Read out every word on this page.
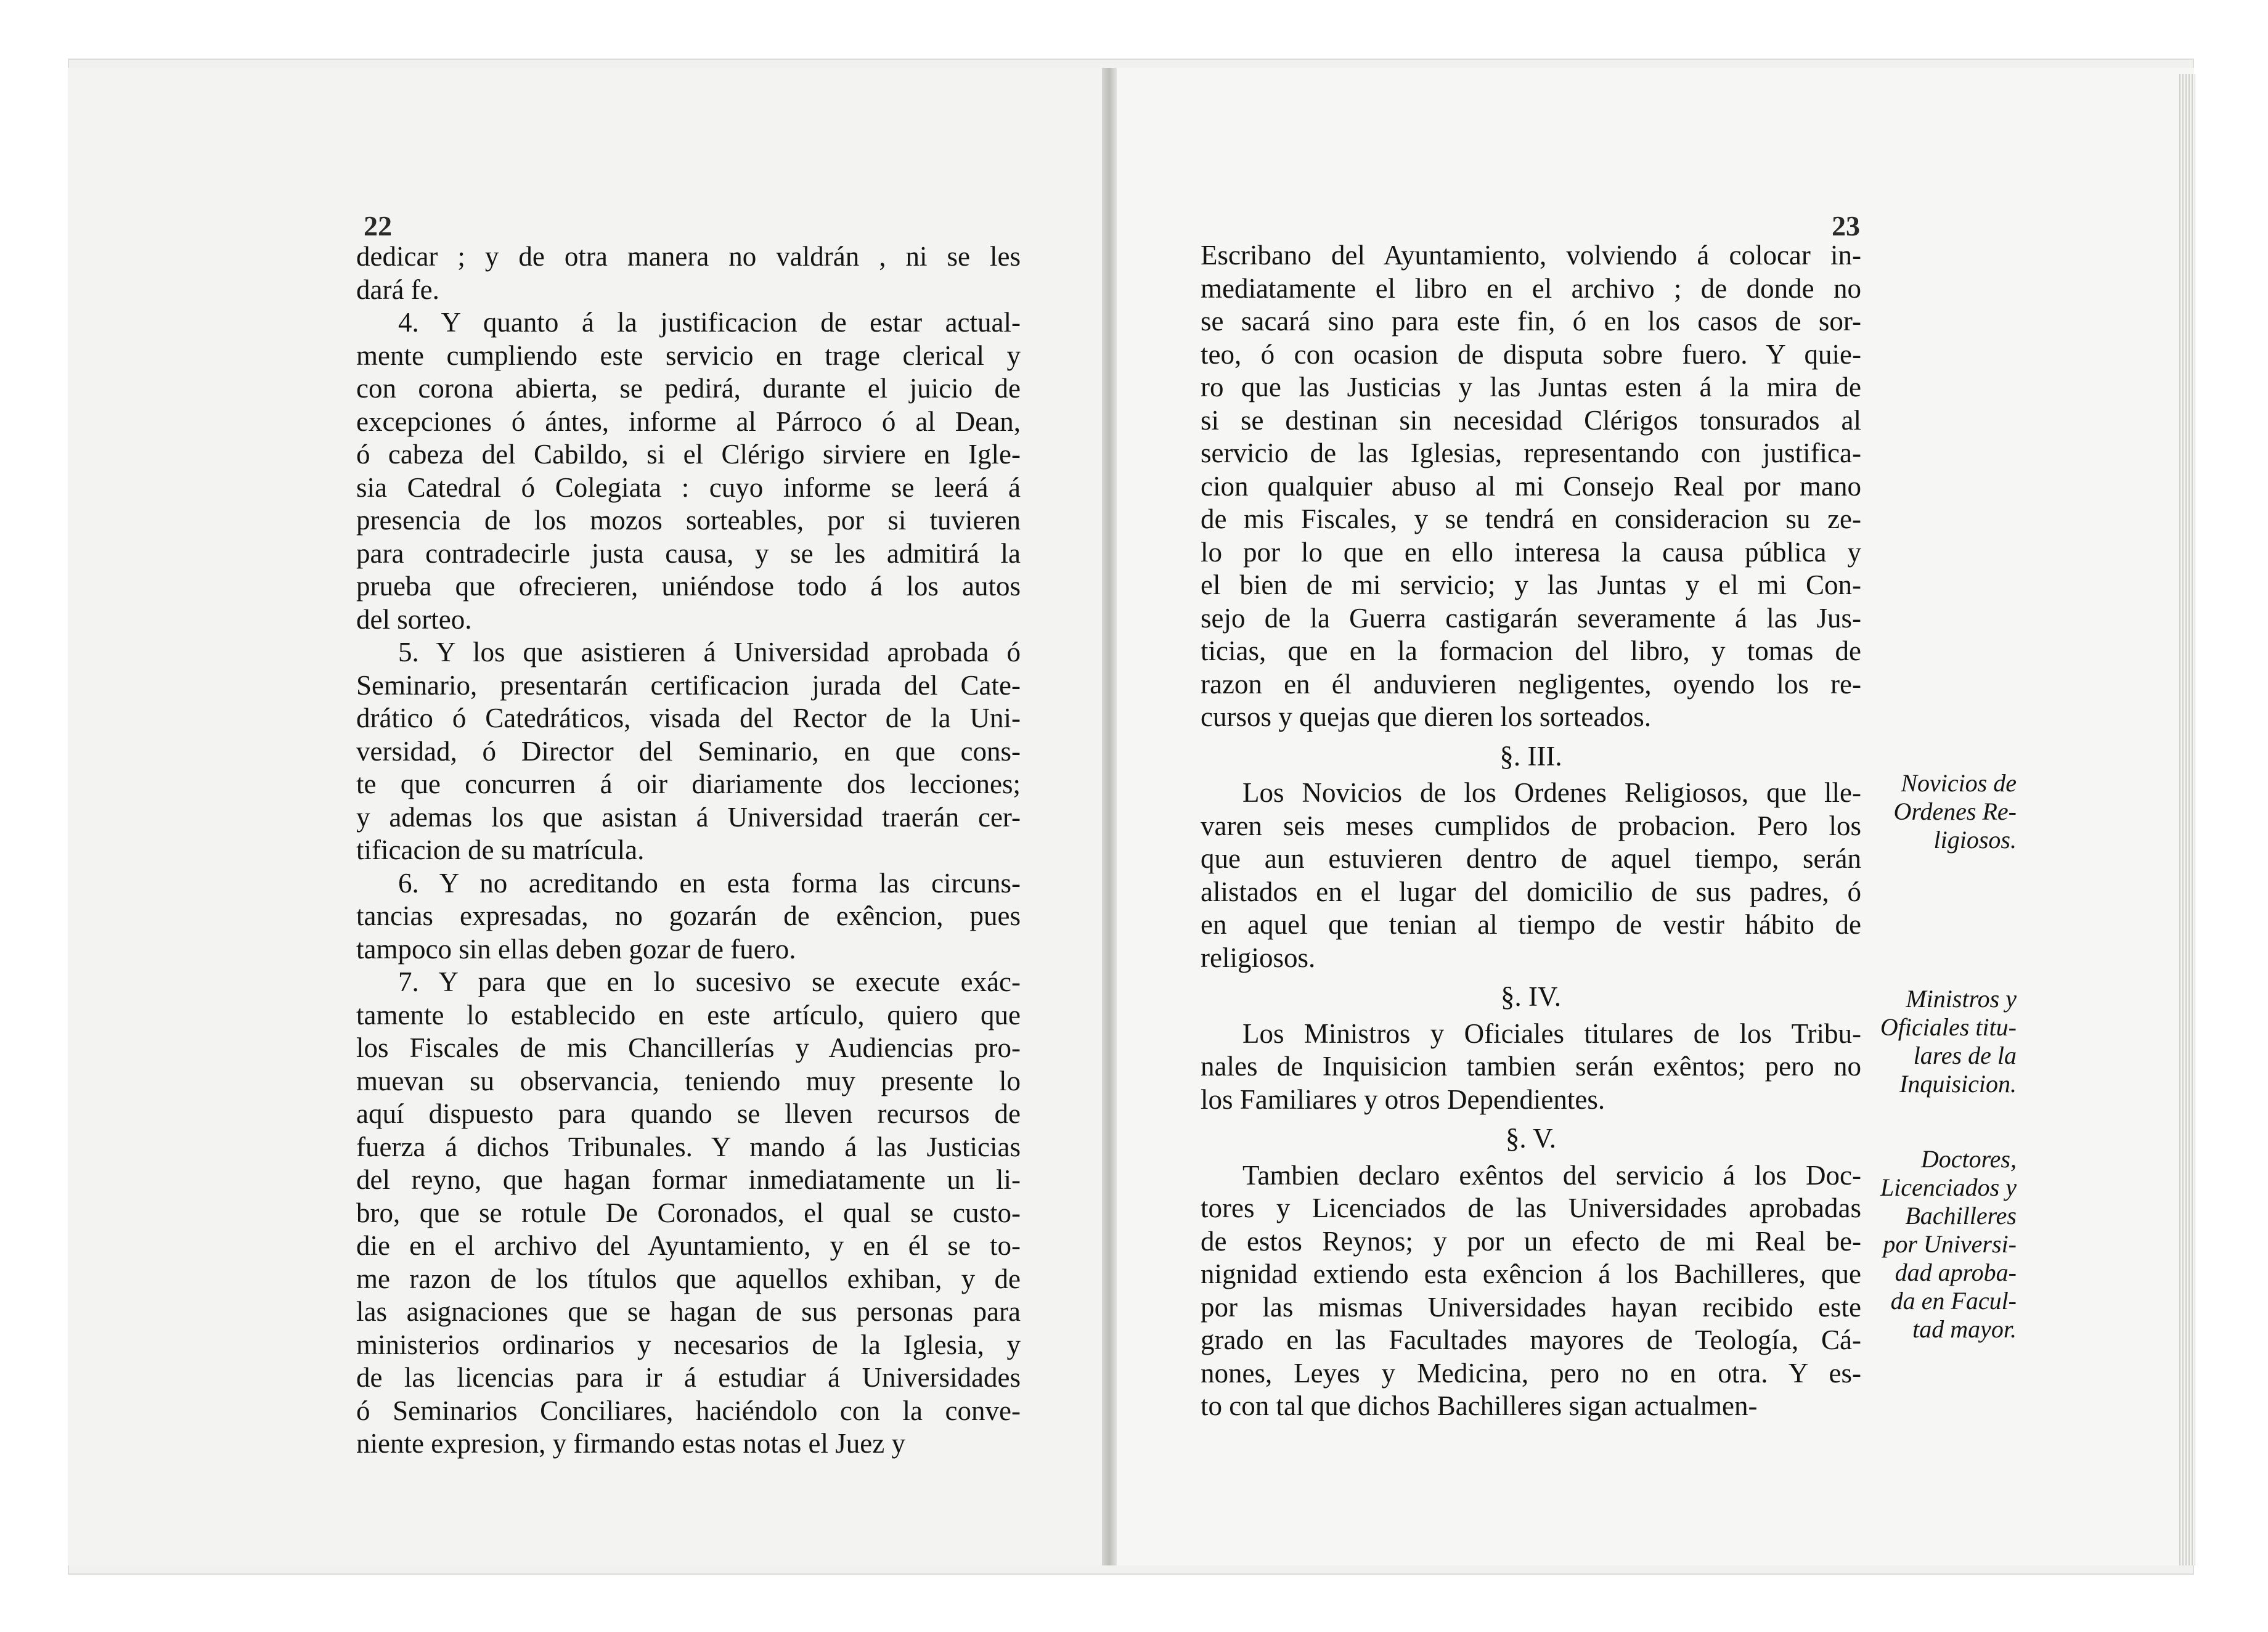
22	23

dedicar ; y de otra manera no valdrán , ni se les

dará fe.

4. Y quanto á la justificacion de estar actual-

mente cumpliendo este servicio en trage clerical y

con corona abierta, se pedirá, durante el juicio de

excepciones ó ántes, informe al Párroco ó al Dean,

ó cabeza del Cabildo, si el Clérigo sirviere en Igle-

sia Catedral ó Colegiata : cuyo informe se leerá á

presencia de los mozos sorteables, por si tuvieren

para contradecirle justa causa, y se les admitirá la

prueba que ofrecieren, uniéndose todo á los autos

del sorteo.

5. Y los que asistieren á Universidad aprobada ó

Seminario, presentarán certificacion jurada del Cate-

drático ó Catedráticos, visada del Rector de la Uni-

versidad, ó Director del Seminario, en que cons-

te que concurren á oir diariamente dos lecciones;

y ademas los que asistan á Universidad traerán cer-

tificacion de su matrícula.

6. Y no acreditando en esta forma las circuns-

tancias expresadas, no gozarán de exêncion, pues

tampoco sin ellas deben gozar de fuero.

7. Y para que en lo sucesivo se execute exác-

tamente lo establecido en este artículo, quiero que

los Fiscales de mis Chancillerías y Audiencias pro-

muevan su observancia, teniendo muy presente lo

aquí dispuesto para quando se lleven recursos de

fuerza á dichos Tribunales. Y mando á las Justicias

del reyno, que hagan formar inmediatamente un li-

bro, que se rotule De Coronados, el qual se custo-

die en el archivo del Ayuntamiento, y en él se to-

me razon de los títulos que aquellos exhiban, y de

las asignaciones que se hagan de sus personas para

ministerios ordinarios y necesarios de la Iglesia, y

de las licencias para ir á estudiar á Universidades

ó Seminarios Conciliares, haciéndolo con la conve-

niente expresion, y firmando estas notas el Juez y

Escribano del Ayuntamiento, volviendo á colocar in-

mediatamente el libro en el archivo ; de donde no

se sacará sino para este fin, ó en los casos de sor-

teo, ó con ocasion de disputa sobre fuero. Y quie-

ro que las Justicias y las Juntas esten á la mira de

si se destinan sin necesidad Clérigos tonsurados al

servicio de las Iglesias, representando con justifica-

cion qualquier abuso al mi Consejo Real por mano

de mis Fiscales, y se tendrá en consideracion su ze-

lo por lo que en ello interesa la causa pública y

el bien de mi servicio; y las Juntas y el mi Con-

sejo de la Guerra castigarán severamente á las Jus-

ticias, que en la formacion del libro, y tomas de

razon en él anduvieren negligentes, oyendo los re-

cursos y quejas que dieren los sorteados.

§. III.

Los Novicios de los Ordenes Religiosos, que lle-

varen seis meses cumplidos de probacion. Pero los

que aun estuvieren dentro de aquel tiempo, serán

alistados en el lugar del domicilio de sus padres, ó

en aquel que tenian al tiempo de vestir hábito de

religiosos.

§. IV.

Los Ministros y Oficiales titulares de los Tribu-

nales de Inquisicion tambien serán exêntos; pero no

los Familiares y otros Dependientes.

§. V.

Tambien declaro exêntos del servicio á los Doc-

tores y Licenciados de las Universidades aprobadas

de estos Reynos; y por un efecto de mi Real be-

nignidad extiendo esta exêncion á los Bachilleres, que

por las mismas Universidades hayan recibido este

grado en las Facultades mayores de Teología, Cá-

nones, Leyes y Medicina, pero no en otra. Y es-

to con tal que dichos Bachilleres sigan actualmen-

Novicios de
Ordenes Re-
ligiosos.
Ministros y
Oficiales titu-
lares de la
Inquisicion.
Doctores,
Licenciados y
Bachilleres
por Universi-
dad aproba-
da en Facul-
tad mayor.
